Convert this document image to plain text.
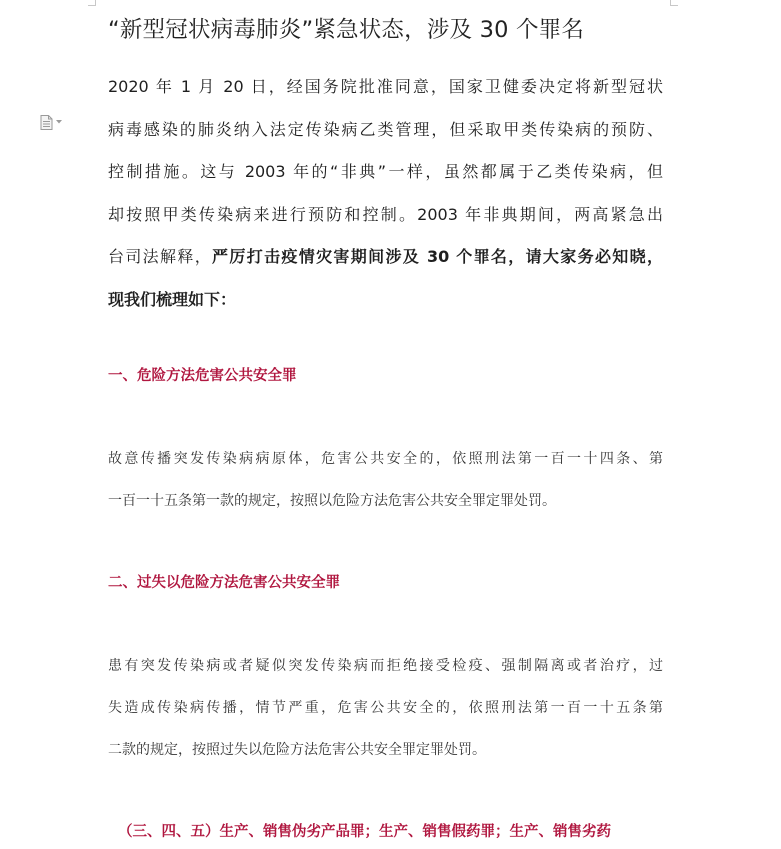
“新型冠状病毒肺炎”紧急状态，涉及 30 个罪名

2020 年 1 月 20 日，经国务院批准同意，国家卫健委决定将新型冠状
病毒感染的肺炎纳入法定传染病乙类管理，但采取甲类传染病的预防、
控制措施。这与 2003 年的“非典”一样，虽然都属于乙类传染病，但
却按照甲类传染病来进行预防和控制。2003 年非典期间，两高紧急出
台司法解释，严厉打击疫情灾害期间涉及 30 个罪名，请大家务必知晓，
现我们梳理如下：

一、危险方法危害公共安全罪

故意传播突发传染病病原体，危害公共安全的，依照刑法第一百一十四条、第
一百一十五条第一款的规定，按照以危险方法危害公共安全罪定罪处罚。

二、过失以危险方法危害公共安全罪

患有突发传染病或者疑似突发传染病而拒绝接受检疫、强制隔离或者治疗，过
失造成传染病传播，情节严重，危害公共安全的，依照刑法第一百一十五条第
二款的规定，按照过失以危险方法危害公共安全罪定罪处罚。

（三、四、五）生产、销售伪劣产品罪；生产、销售假药罪；生产、销售劣药
